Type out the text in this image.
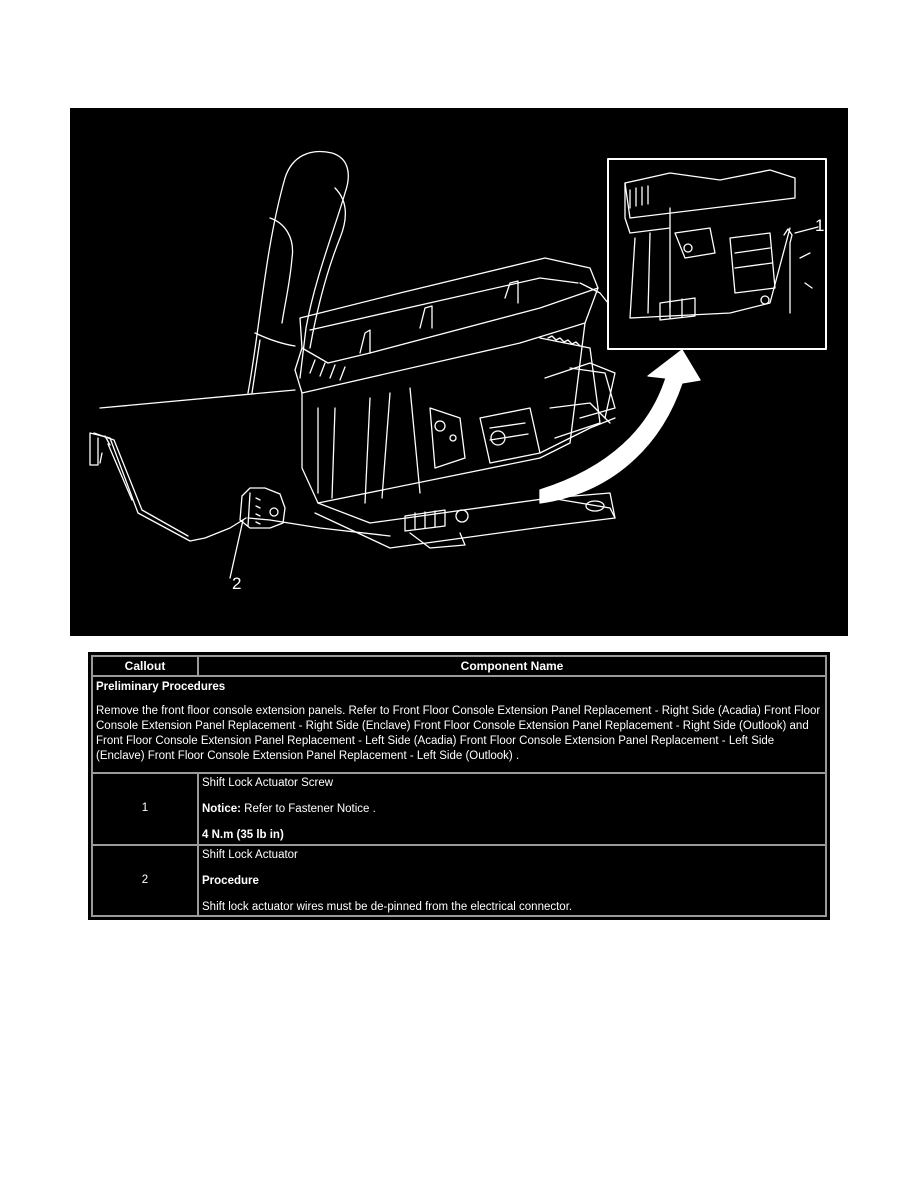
1
2
Callout	Component Name

Preliminary Procedures
Remove the front floor console extension panels. Refer to Front Floor Console Extension Panel Replacement - Right Side (Acadia) Front Floor Console Extension Panel Replacement - Right Side (Enclave) Front Floor Console Extension Panel Replacement - Right Side (Outlook) and Front Floor Console Extension Panel Replacement - Left Side (Acadia) Front Floor Console Extension Panel Replacement - Left Side (Enclave) Front Floor Console Extension Panel Replacement - Left Side (Outlook) .	

1	Shift Lock Actuator Screw
Notice: Refer to Fastener Notice .
4 N.m (35 lb in)

2	Shift Lock Actuator
Procedure
Shift lock actuator wires must be de-pinned from the electrical connector.
